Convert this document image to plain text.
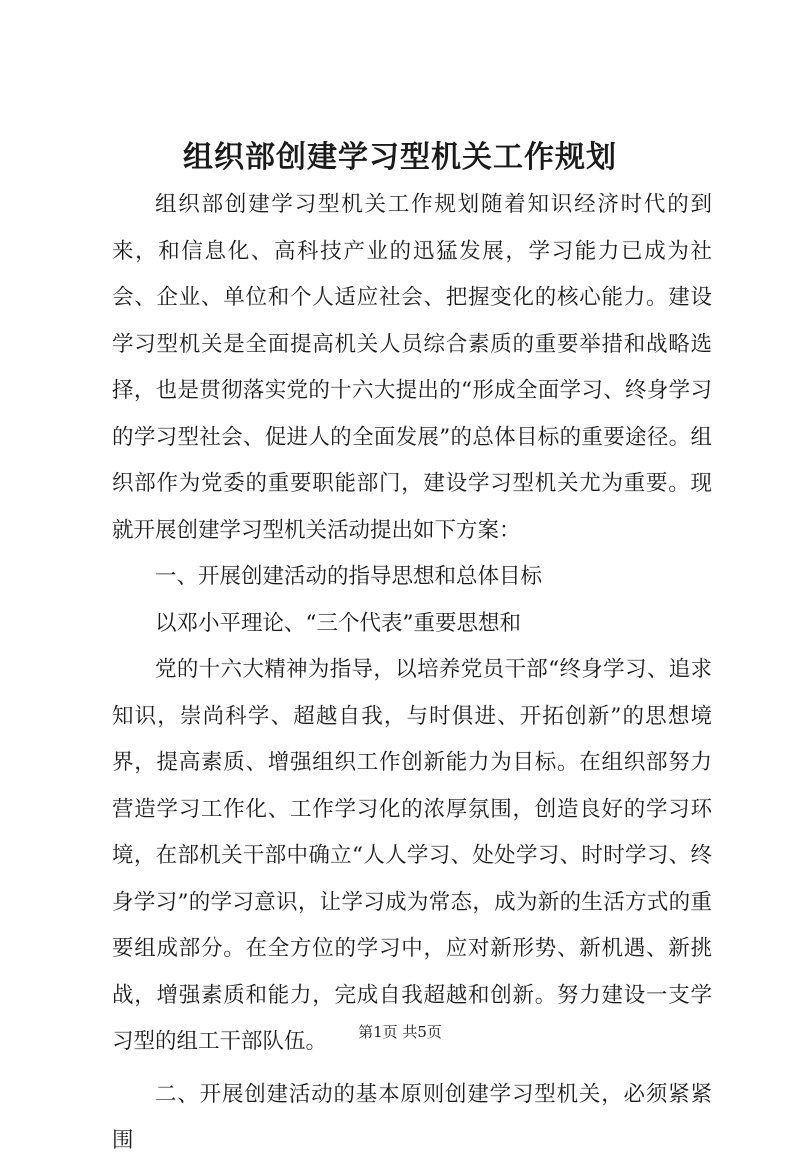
组织部创建学习型机关工作规划

组织部创建学习型机关工作规划随着知识经济时代的到来，和信息化、高科技产业的迅猛发展，学习能力已成为社会、企业、单位和个人适应社会、把握变化的核心能力。建设学习型机关是全面提高机关人员综合素质的重要举措和战略选择，也是贯彻落实党的十六大提出的“形成全面学习、终身学习的学习型社会、促进人的全面发展”的总体目标的重要途径。组织部作为党委的重要职能部门，建设学习型机关尤为重要。现就开展创建学习型机关活动提出如下方案：

一、开展创建活动的指导思想和总体目标

以邓小平理论、“三个代表”重要思想和

党的十六大精神为指导，以培养党员干部“终身学习、追求知识，崇尚科学、超越自我，与时俱进、开拓创新”的思想境界，提高素质、增强组织工作创新能力为目标。在组织部努力营造学习工作化、工作学习化的浓厚氛围，创造良好的学习环境，在部机关干部中确立“人人学习、处处学习、时时学习、终身学习”的学习意识，让学习成为常态，成为新的生活方式的重要组成部分。在全方位的学习中，应对新形势、新机遇、新挑战，增强素质和能力，完成自我超越和创新。努力建设一支学习型的组工干部队伍。

二、开展创建活动的基本原则创建学习型机关，必须紧紧围

第1页 共5页
